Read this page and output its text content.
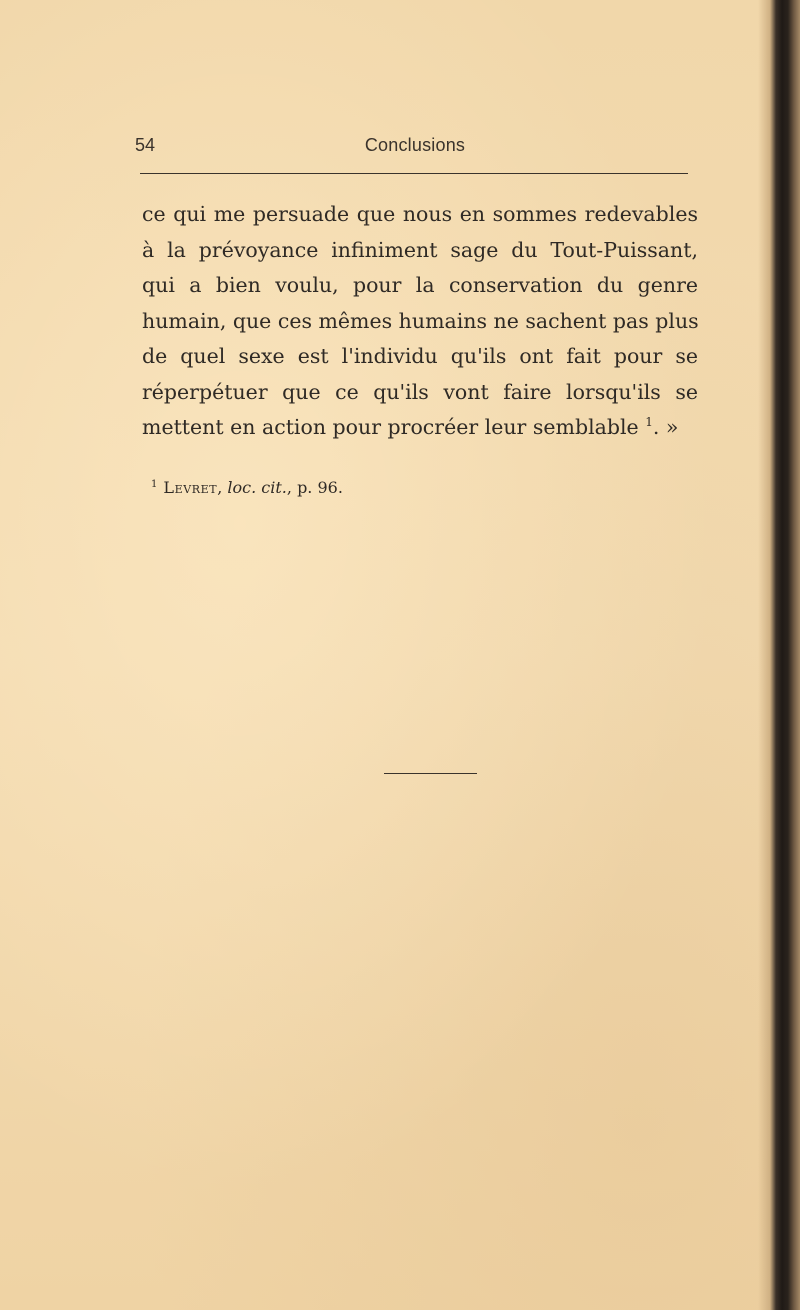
54	Conclusions

ce qui me persuade que nous en sommes redevables
à la prévoyance infiniment sage du Tout-Puissant,
qui a bien voulu, pour la conservation du genre
humain, que ces mêmes humains ne sachent pas plus
de quel sexe est l'individu qu'ils ont fait pour se
réperpétuer que ce qu'ils vont faire lorsqu'ils se
mettent en action pour procréer leur semblable $^1$. »

$^1$ Levret, loc. cit., p. 96.
